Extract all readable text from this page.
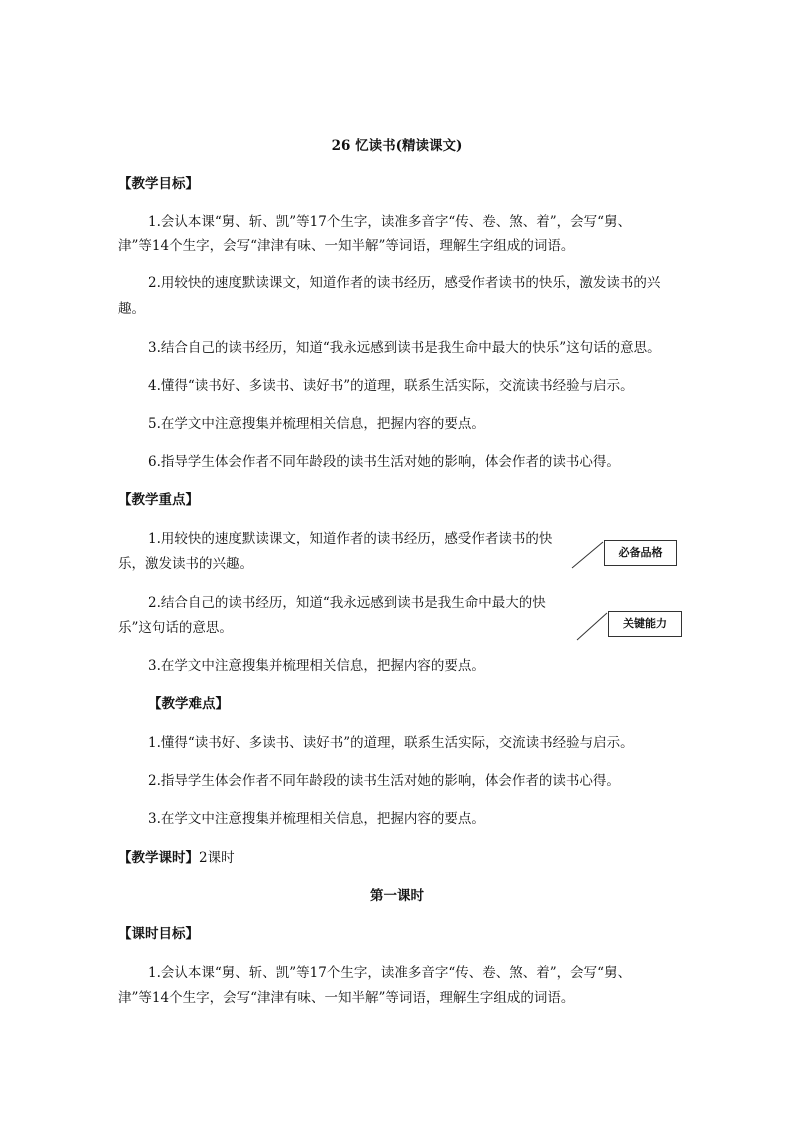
26 忆读书(精读课文)
【教学目标】
1.会认本课“舅、斩、凯”等17个生字，读准多音字“传、卷、煞、着”，会写“舅、
津”等14个生字，会写“津津有味、一知半解”等词语，理解生字组成的词语。
2.用较快的速度默读课文，知道作者的读书经历，感受作者读书的快乐，激发读书的兴
趣。
3.结合自己的读书经历，知道“我永远感到读书是我生命中最大的快乐”这句话的意思。
4.懂得“读书好、多读书、读好书”的道理，联系生活实际，交流读书经验与启示。
5.在学文中注意搜集并梳理相关信息，把握内容的要点。
6.指导学生体会作者不同年龄段的读书生活对她的影响，体会作者的读书心得。
【教学重点】
1.用较快的速度默读课文，知道作者的读书经历，感受作者读书的快
乐，激发读书的兴趣。
2.结合自己的读书经历，知道“我永远感到读书是我生命中最大的快
乐”这句话的意思。
3.在学文中注意搜集并梳理相关信息，把握内容的要点。
必备品格
关键能力
【教学难点】
1.懂得“读书好、多读书、读好书”的道理，联系生活实际，交流读书经验与启示。
2.指导学生体会作者不同年龄段的读书生活对她的影响，体会作者的读书心得。
3.在学文中注意搜集并梳理相关信息，把握内容的要点。
【教学课时】2课时
第一课时
【课时目标】
1.会认本课“舅、斩、凯”等17个生字，读准多音字“传、卷、煞、着”，会写“舅、
津”等14个生字，会写“津津有味、一知半解”等词语，理解生字组成的词语。
